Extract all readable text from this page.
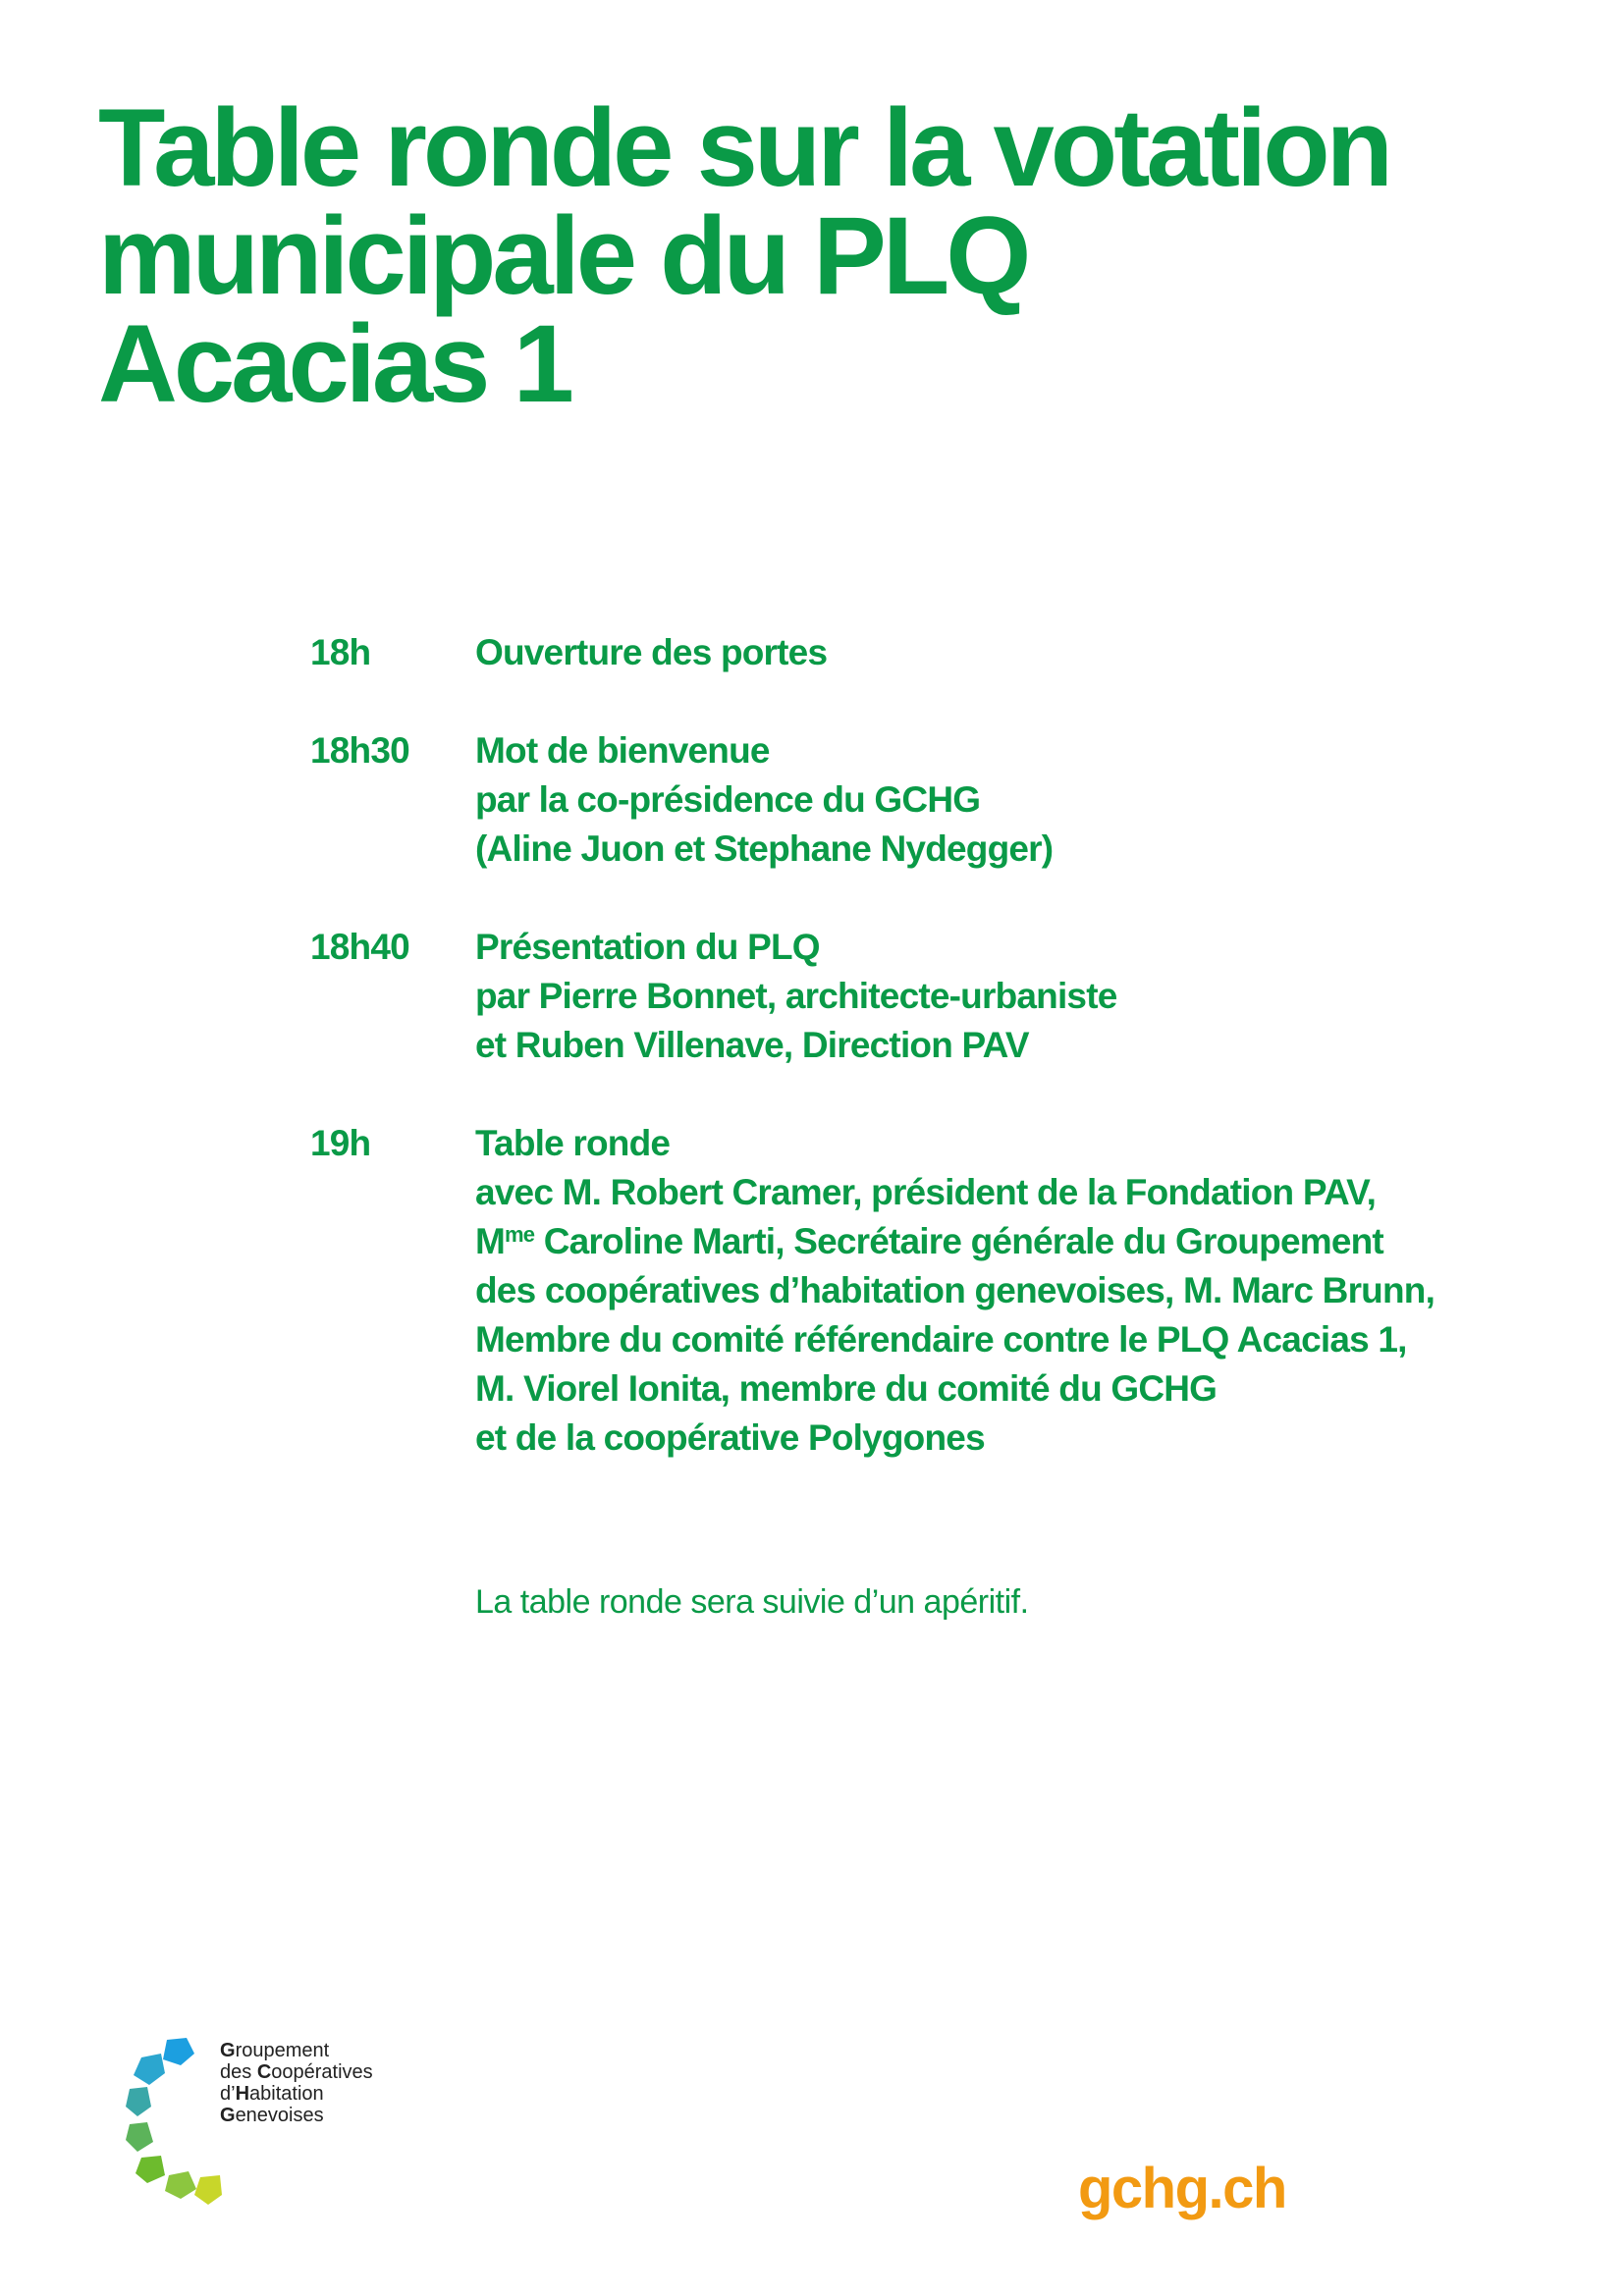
Table ronde sur la votation
municipale du PLQ
Acacias 1
18h	Ouverture des portes
18h30 Mot de bienvenue
par la co-présidence du GCHG
(Aline Juon et Stephane Nydegger)
18h40 Présentation du PLQ
par Pierre Bonnet, architecte-urbaniste
et Ruben Villenave, Direction PAV
19h	Table ronde
avec M. Robert Cramer, président de la Fondation PAV,
$M^{me}$ Caroline Marti, Secrétaire générale du Groupement
des coopératives d’habitation genevoises, M. Marc Brunn,
Membre du comité référendaire contre le PLQ Acacias 1,
M. Viorel Ionita, membre du comité du GCHG
et de la coopérative Polygones
La table ronde sera suivie d’un apéritif.
Groupement
des Coopératives
d’Habitation
Genevoises
gchg.ch
